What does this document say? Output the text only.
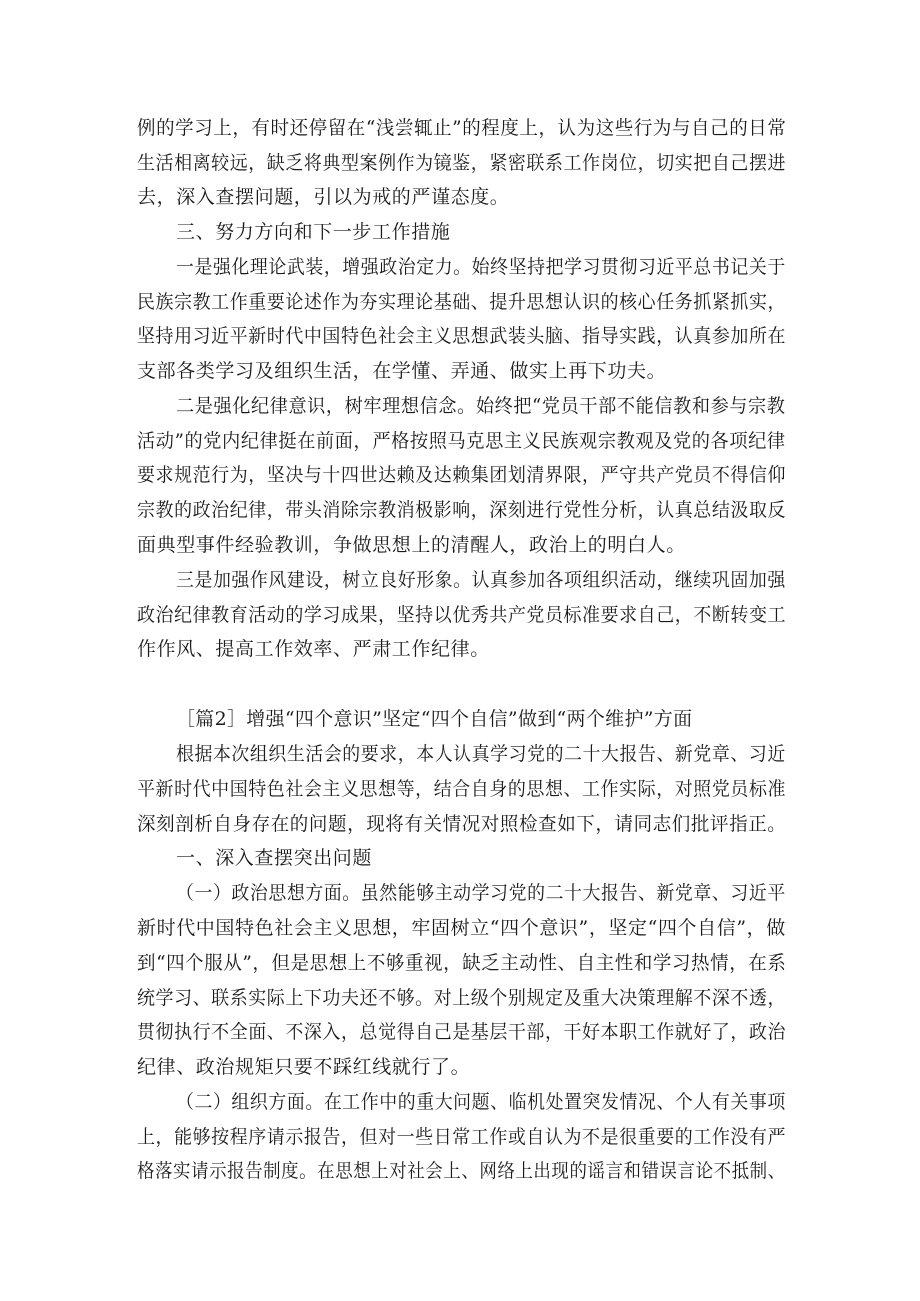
例的学习上，有时还停留在“浅尝辄止”的程度上，认为这些行为与自己的日常
生活相离较远，缺乏将典型案例作为镜鉴，紧密联系工作岗位，切实把自己摆进
去，深入查摆问题，引以为戒的严谨态度。
三、努力方向和下一步工作措施
一是强化理论武装，增强政治定力。始终坚持把学习贯彻习近平总书记关于
民族宗教工作重要论述作为夯实理论基础、提升思想认识的核心任务抓紧抓实，
坚持用习近平新时代中国特色社会主义思想武装头脑、指导实践，认真参加所在
支部各类学习及组织生活，在学懂、弄通、做实上再下功夫。
二是强化纪律意识，树牢理想信念。始终把“党员干部不能信教和参与宗教
活动”的党内纪律挺在前面，严格按照马克思主义民族观宗教观及党的各项纪律
要求规范行为，坚决与十四世达赖及达赖集团划清界限，严守共产党员不得信仰
宗教的政治纪律，带头消除宗教消极影响，深刻进行党性分析，认真总结汲取反
面典型事件经验教训，争做思想上的清醒人，政治上的明白人。
三是加强作风建设，树立良好形象。认真参加各项组织活动，继续巩固加强
政治纪律教育活动的学习成果，坚持以优秀共产党员标准要求自己，不断转变工
作作风、提高工作效率、严肃工作纪律。
［篇2］增强“四个意识”坚定“四个自信”做到“两个维护”方面
根据本次组织生活会的要求，本人认真学习党的二十大报告、新党章、习近
平新时代中国特色社会主义思想等，结合自身的思想、工作实际，对照党员标准
深刻剖析自身存在的问题，现将有关情况对照检查如下，请同志们批评指正。
一、深入查摆突出问题
（一）政治思想方面。虽然能够主动学习党的二十大报告、新党章、习近平
新时代中国特色社会主义思想，牢固树立“四个意识”，坚定“四个自信”，做
到“四个服从”，但是思想上不够重视，缺乏主动性、自主性和学习热情，在系
统学习、联系实际上下功夫还不够。对上级个别规定及重大决策理解不深不透，
贯彻执行不全面、不深入，总觉得自己是基层干部，干好本职工作就好了，政治
纪律、政治规矩只要不踩红线就行了。
（二）组织方面。在工作中的重大问题、临机处置突发情况、个人有关事项
上，能够按程序请示报告，但对一些日常工作或自认为不是很重要的工作没有严
格落实请示报告制度。在思想上对社会上、网络上出现的谣言和错误言论不抵制、
